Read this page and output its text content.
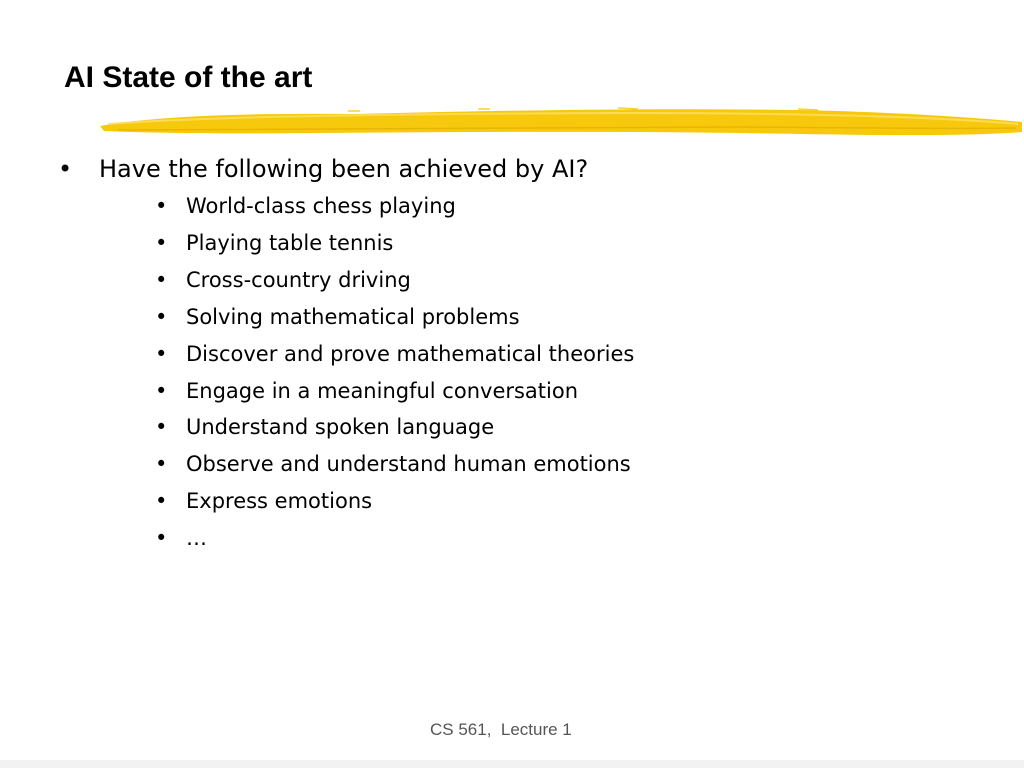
AI State of the art
• Have the following been achieved by AI?
• World-class chess playing
• Playing table tennis
• Cross-country driving
• Solving mathematical problems
• Discover and prove mathematical theories
• Engage in a meaningful conversation
• Understand spoken language
• Observe and understand human emotions
• Express emotions
• …
CS 561,  Lecture 1
